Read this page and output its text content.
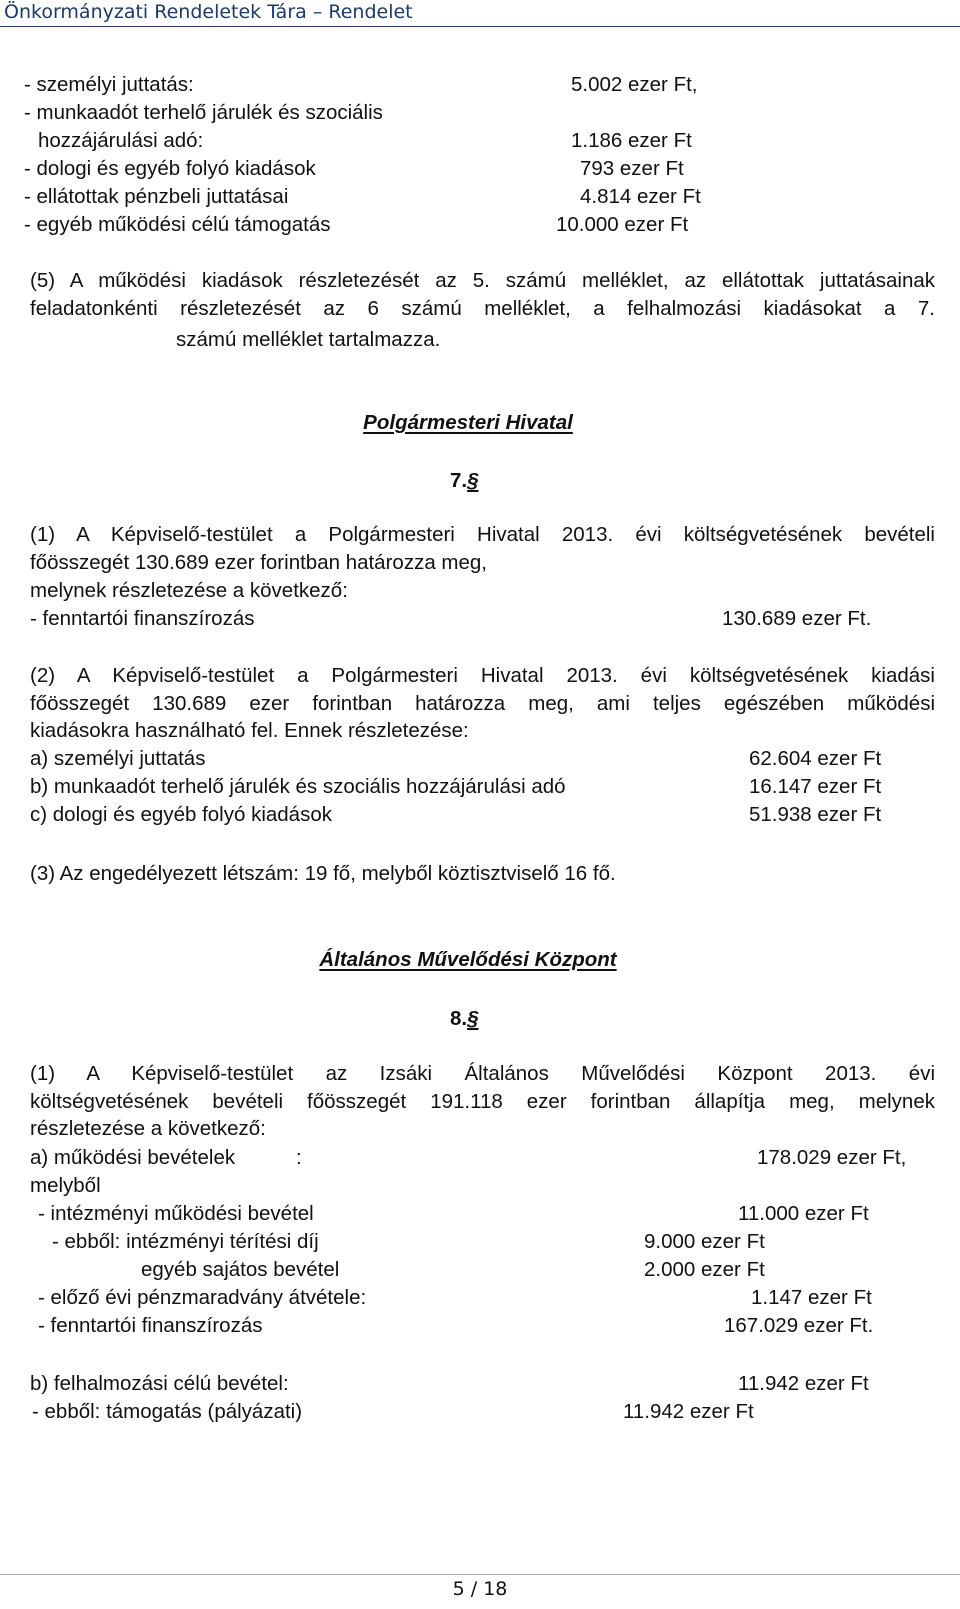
Önkormányzati Rendeletek Tára – Rendelet
- személyi juttatás:	5.002 ezer Ft,
- munkaadót terhelő járulék és szociális
hozzájárulási adó:	1.186 ezer Ft
- dologi és egyéb folyó kiadások	793 ezer Ft
- ellátottak pénzbeli juttatásai	4.814 ezer Ft
- egyéb működési célú támogatás	10.000 ezer Ft
(5) A működési kiadások részletezését az 5. számú melléklet, az ellátottak juttatásainak feladatonkénti részletezését az 6 számú melléklet, a felhalmozási kiadásokat a 7.
számú melléklet tartalmazza.
Polgármesteri Hivatal
7.§
(1) A Képviselő-testület a Polgármesteri Hivatal 2013. évi költségvetésének bevételi
főösszegét 130.689 ezer forintban határozza meg,
melynek részletezése a következő:
- fenntartói finanszírozás	130.689 ezer Ft.
(2) A Képviselő-testület a Polgármesteri Hivatal 2013. évi költségvetésének kiadási
főösszegét 130.689 ezer forintban határozza meg, ami teljes egészében működési
kiadásokra használható fel. Ennek részletezése:
a) személyi juttatás	62.604 ezer Ft
b) munkaadót terhelő járulék és szociális hozzájárulási adó	16.147 ezer Ft
c) dologi és egyéb folyó kiadások	51.938 ezer Ft
(3) Az engedélyezett létszám: 19 fő, melyből köztisztviselő 16 fő.
Általános Művelődési Központ
8.§
(1) A Képviselő-testület az Izsáki Általános Művelődési Központ 2013. évi
költségvetésének bevételi főösszegét 191.118 ezer forintban állapítja meg, melynek
részletezése a következő:
a) működési bevételek	:	178.029 ezer Ft,
melyből
- intézményi működési bevétel	11.000 ezer Ft
- ebből: intézményi térítési díj	9.000 ezer Ft
egyéb sajátos bevétel	2.000 ezer Ft
- előző évi pénzmaradvány átvétele:	1.147 ezer Ft
- fenntartói finanszírozás	167.029 ezer Ft.
b) felhalmozási célú bevétel:	11.942 ezer Ft
- ebből: támogatás (pályázati)	11.942 ezer Ft
5 / 18
